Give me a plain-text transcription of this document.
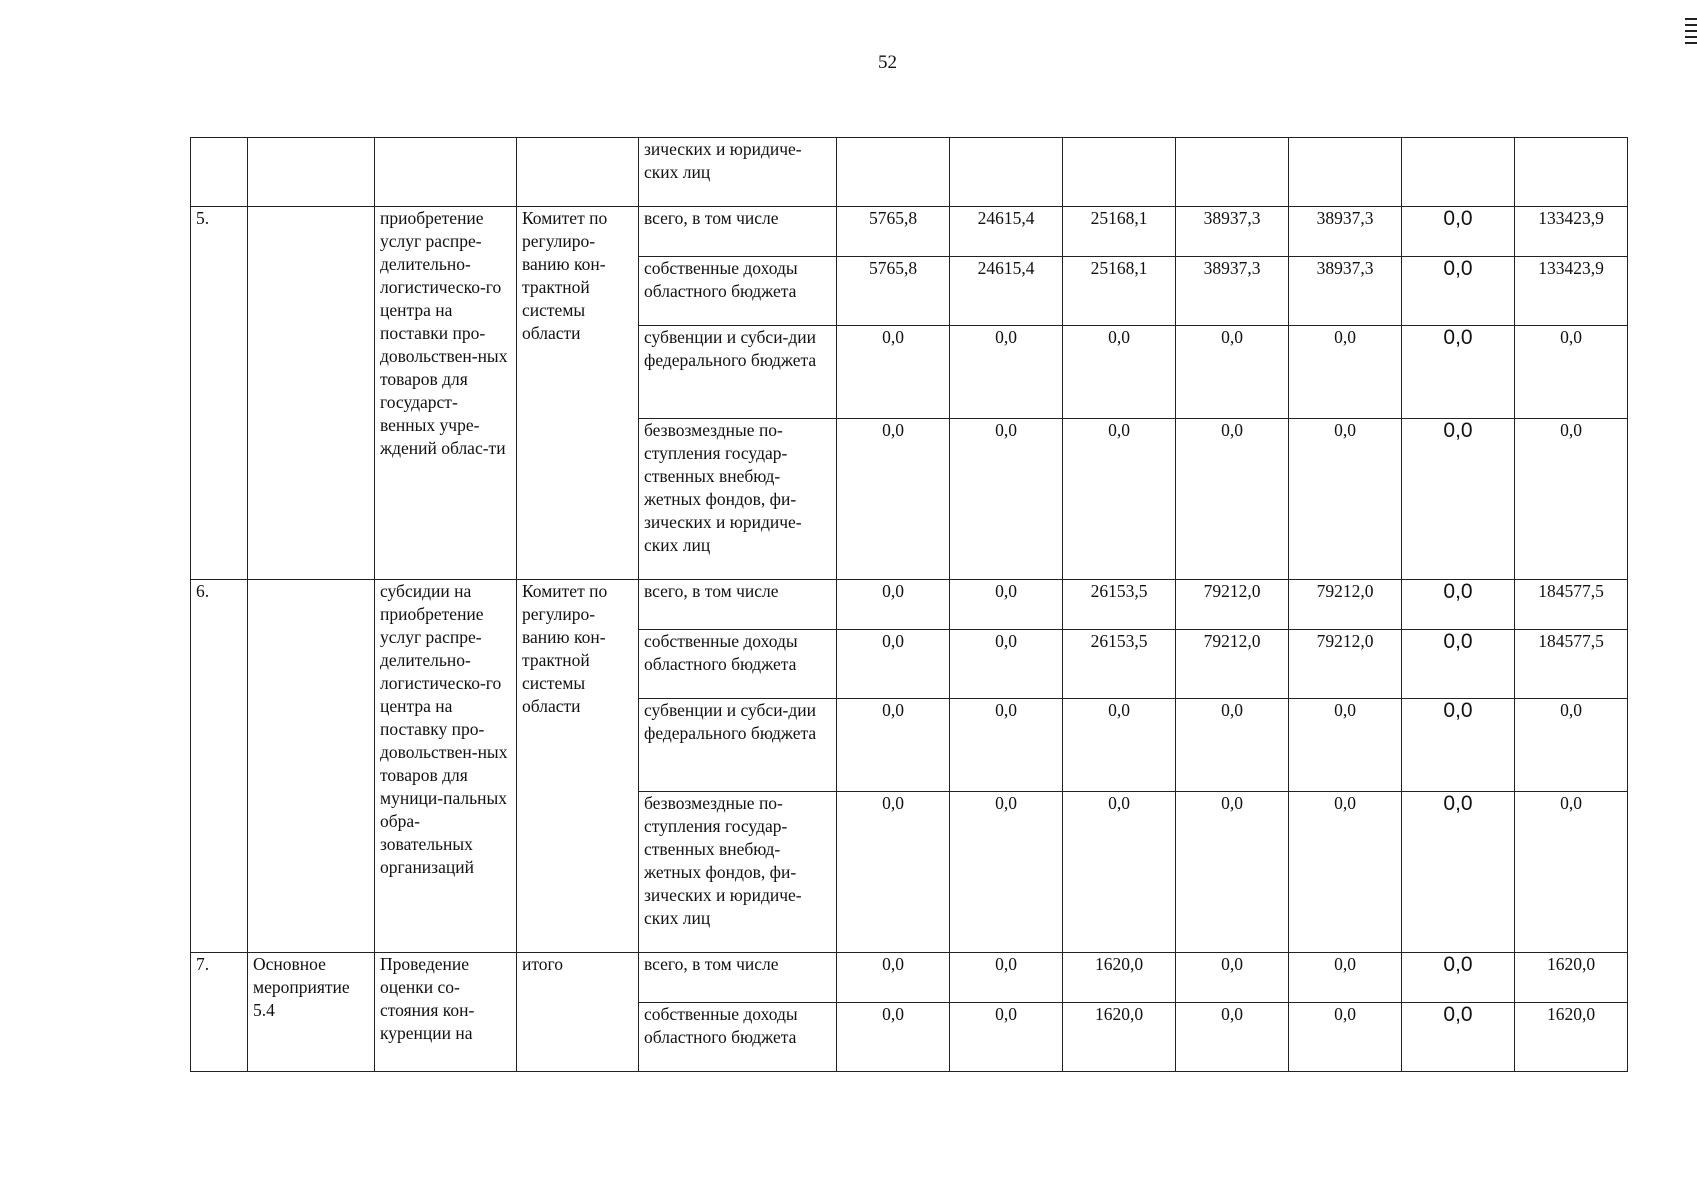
52
				зических и юридиче-
ских лиц							
5.		приобретение услуг распре-делительно-логистическо-го центра на поставки про-довольствен-ных товаров для государст-венных учре-ждений облас-ти	Комитет по регулиро-ванию кон-трактной системы области	всего, в том числе	5765,8	24615,4	25168,1	38937,3	38937,3	0,0	133423,9
				собственные доходы областного бюджета	5765,8	24615,4	25168,1	38937,3	38937,3	0,0	133423,9
				субвенции и субси-дии федерального бюджета	0,0	0,0	0,0	0,0	0,0	0,0	0,0
				безвозмездные по-ступления государ-ственных внебюд-жетных фондов, фи-зических и юридиче-ских лиц	0,0	0,0	0,0	0,0	0,0	0,0	0,0
6.		субсидии на приобретение услуг распре-делительно-логистическо-го центра на поставку про-довольствен-ных товаров для муници-пальных обра-зовательных организаций	Комитет по регулиро-ванию кон-трактной системы области	всего, в том числе	0,0	0,0	26153,5	79212,0	79212,0	0,0	184577,5
				собственные доходы областного бюджета	0,0	0,0	26153,5	79212,0	79212,0	0,0	184577,5
				субвенции и субси-дии федерального бюджета	0,0	0,0	0,0	0,0	0,0	0,0	0,0
				безвозмездные по-ступления государ-ственных внебюд-жетных фондов, фи-зических и юридиче-ских лиц	0,0	0,0	0,0	0,0	0,0	0,0	0,0
7.	Основное мероприятие 5.4	Проведение оценки со-стояния кон-куренции на	итого	всего, в том числе	0,0	0,0	1620,0	0,0	0,0	0,0	1620,0
				собственные доходы областного бюджета	0,0	0,0	1620,0	0,0	0,0	0,0	1620,0
